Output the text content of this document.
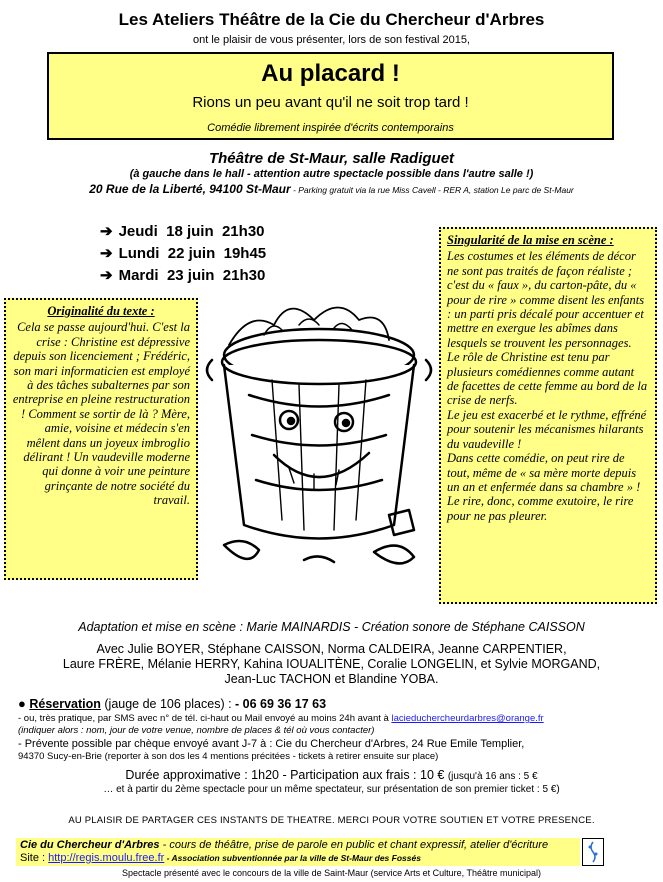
Les Ateliers Théâtre de la Cie du Chercheur d'Arbres
ont le plaisir de vous présenter, lors de son festival 2015,
Au placard !
Rions un peu avant qu'il ne soit trop tard !
Comédie librement inspirée d'écrits contemporains
Théâtre de St-Maur, salle Radiguet
(à gauche dans le hall - attention autre spectacle possible dans l'autre salle !)
20 Rue de la Liberté, 94100 St-Maur - Parking gratuit via la rue Miss Cavell - RER A, station Le parc de St-Maur
➔ Jeudi 18 juin 21h30
➔ Lundi 22 juin 19h45
➔ Mardi 23 juin 21h30
Originalité du texte :

Cela se passe aujourd'hui. C'est la crise : Christine est dépressive depuis son licenciement ; Frédéric, son mari informaticien est employé à des tâches subalternes par son entreprise en pleine restructuration ! Comment se sortir de là ? Mère, amie, voisine et médecin s'en mêlent dans un joyeux imbroglio délirant ! Un vaudeville moderne qui donne à voir une peinture grinçante de notre société du travail.

Singularité de la mise en scène :

Les costumes et les éléments de décor ne sont pas traités de façon réaliste ; c'est du « faux », du carton-pâte, du « pour de rire » comme disent les enfants : un parti pris décalé pour accentuer et mettre en exergue les abîmes dans lesquels se trouvent les personnages.

Le rôle de Christine est tenu par plusieurs comédiennes comme autant de facettes de cette femme au bord de la crise de nerfs.

Le jeu est exacerbé et le rythme, effréné pour soutenir les mécanismes hilarants du vaudeville !

Dans cette comédie, on peut rire de tout, même de « sa mère morte depuis un an et enfermée dans sa chambre » !

Le rire, donc, comme exutoire, le rire pour ne pas pleurer.

Adaptation et mise en scène : Marie MAINARDIS - Création sonore de Stéphane CAISSON
Avec Julie BOYER, Stéphane CAISSON, Norma CALDEIRA, Jeanne CARPENTIER,
Laure FRÈRE, Mélanie HERRY, Kahina IOUALITÈNE, Coralie LONGELIN, et Sylvie MORGAND,
Jean-Luc TACHON et Blandine YOBA.
● Réservation (jauge de 106 places) : - 06 69 36 17 63
- ou, très pratique, par SMS avec n° de tél. ci-haut ou Mail envoyé au moins 24h avant à lacieduchercheurdarbres@orange.fr
(indiquer alors : nom, jour de votre venue, nombre de places & tél où vous contacter)
- Prévente possible par chèque envoyé avant J-7 à : Cie du Chercheur d'Arbres, 24 Rue Emile Templier,
94370 Sucy-en-Brie (reporter à son dos les 4 mentions précitées - tickets à retirer ensuite sur place)
Durée approximative : 1h20 - Participation aux frais : 10 € (jusqu'à 16 ans : 5 €
… et à partir du 2ème spectacle pour un même spectateur, sur présentation de son premier ticket : 5 €)
AU PLAISIR DE PARTAGER CES INSTANTS DE THEATRE. MERCI POUR VOTRE SOUTIEN ET VOTRE PRESENCE.
Cie du Chercheur d'Arbres - cours de théâtre, prise de parole en public et chant expressif, atelier d'écriture
Site : http://regis.moulu.free.fr - Association subventionnée par la ville de St-Maur des Fossés
Spectacle présenté avec le concours de la ville de Saint-Maur (service Arts et Culture, Théâtre municipal)
